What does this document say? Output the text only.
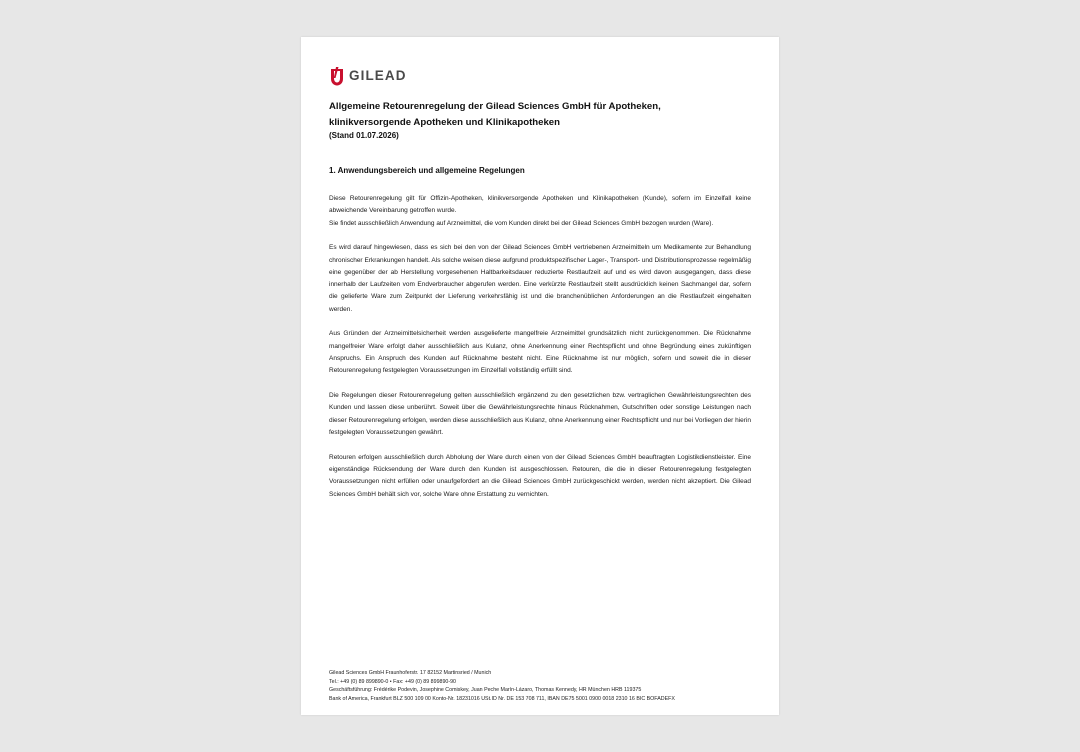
GILEAD
Allgemeine Retourenregelung der Gilead Sciences GmbH für Apotheken,
klinikversorgende Apotheken und Klinikapotheken
(Stand 01.07.2026)
1. Anwendungsbereich und allgemeine Regelungen

Diese Retourenregelung gilt für Offizin-Apotheken, klinikversorgende Apotheken und Klinikapotheken (Kunde), sofern im Einzelfall keine abweichende Vereinbarung getroffen wurde.
Sie findet ausschließlich Anwendung auf Arzneimittel, die vom Kunden direkt bei der Gilead Sciences GmbH bezogen wurden (Ware).

Es wird darauf hingewiesen, dass es sich bei den von der Gilead Sciences GmbH vertriebenen Arzneimitteln um Medikamente zur Behandlung chronischer Erkrankungen handelt. Als solche weisen diese aufgrund produktspezifischer Lager-, Transport- und Distributionsprozesse regelmäßig eine gegenüber der ab Herstellung vorgesehenen Haltbarkeitsdauer reduzierte Restlaufzeit auf und es wird davon ausgegangen, dass diese innerhalb der Laufzeiten vom Endverbraucher abgerufen werden. Eine verkürzte Restlaufzeit stellt ausdrücklich keinen Sachmangel dar, sofern die gelieferte Ware zum Zeitpunkt der Lieferung verkehrsfähig ist und die branchenüblichen Anforderungen an die Restlaufzeit eingehalten werden.

Aus Gründen der Arzneimittelsicherheit werden ausgelieferte mangelfreie Arzneimittel grundsätzlich nicht zurückgenommen. Die Rücknahme mangelfreier Ware erfolgt daher ausschließlich aus Kulanz, ohne Anerkennung einer Rechtspflicht und ohne Begründung eines zukünftigen Anspruchs. Ein Anspruch des Kunden auf Rücknahme besteht nicht. Eine Rücknahme ist nur möglich, sofern und soweit die in dieser Retourenregelung festgelegten Voraussetzungen im Einzelfall vollständig erfüllt sind.

Die Regelungen dieser Retourenregelung gelten ausschließlich ergänzend zu den gesetzlichen bzw. vertraglichen Gewährleistungsrechten des Kunden und lassen diese unberührt. Soweit über die Gewährleistungsrechte hinaus Rücknahmen, Gutschriften oder sonstige Leistungen nach dieser Retourenregelung erfolgen, werden diese ausschließlich aus Kulanz, ohne Anerkennung einer Rechtspflicht und nur bei Vorliegen der hierin festgelegten Voraussetzungen gewährt.

Retouren erfolgen ausschließlich durch Abholung der Ware durch einen von der Gilead Sciences GmbH beauftragten Logistikdienstleister. Eine eigenständige Rücksendung der Ware durch den Kunden ist ausgeschlossen. Retouren, die die in dieser Retourenregelung festgelegten Voraussetzungen nicht erfüllen oder unaufgefordert an die Gilead Sciences GmbH zurückgeschickt werden, werden nicht akzeptiert. Die Gilead Sciences GmbH behält sich vor, solche Ware ohne Erstattung zu vernichten.

Gilead Sciences GmbH Fraunhoferstr. 17 82152 Martinsried / Munich
Tel.: +49 (0) 89 899890-0 • Fax: +49 (0) 89 899890-90
Geschäftsführung: Frédérike Podevin, Josephine Comiskey, Juan Peche Marín-Lázaro, Thomas Kennedy, HR München HRB 119375
Bank of America, Frankfurt BLZ 500 109 00 Konto-Nr. 18231016 USt.ID Nr. DE 153 708 711, IBAN DE75 5001 0900 0018 2310 16 BIC BOFADEFX
